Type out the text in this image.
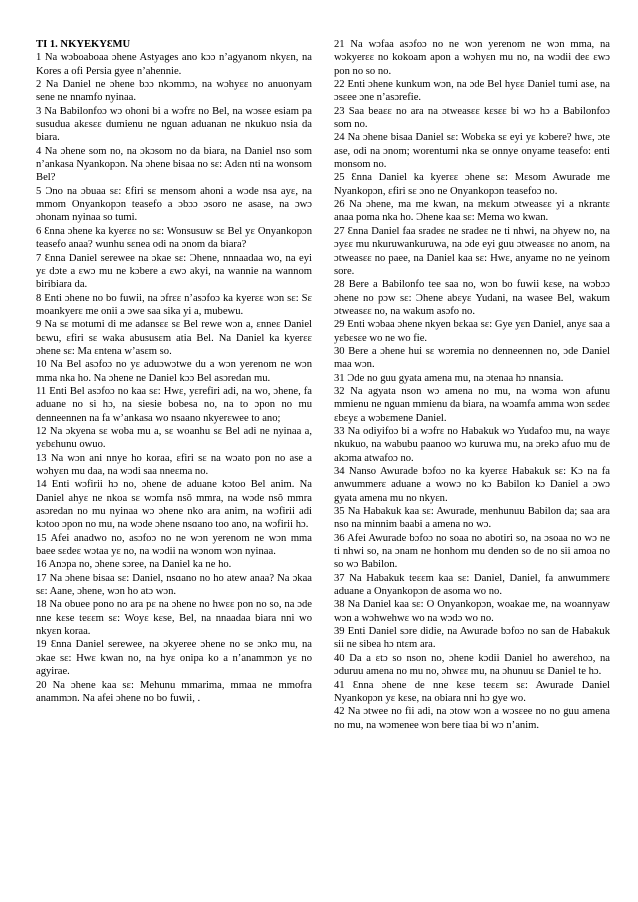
TI 1. NKYEKYƐMU

1 Na wɔboaboaa ɔhene Astyages ano kɔɔ n’agyanom nkyɛn, na Kores a ofi Persia gyee n’ahennie.

2 Na Daniel ne ɔhene bɔɔ nkɔmmɔ, na wɔhyɛɛ no anuonyam sene ne nnamfo nyinaa.

3 Na Babilonfoɔ wɔ ohoni bi a wɔfrɛ no Bel, na wɔsɛe esiam pa susudua akɛsɛɛ dumienu ne nguan aduanan ne nkukuo nsia da biara.

4 Na ɔhene som no, na ɔkɔsom no da biara, na Daniel nso som n’ankasa Nyankopɔn. Na ɔhene bisaa no sɛ: Adɛn nti na wonsom Bel?

5 Ɔno na ɔbuaa sɛ: Ɛfiri sɛ mensom ahoni a wɔde nsa ayɛ, na mmom Onyankopɔn teasefo a ɔbɔɔ ɔsoro ne asase, na ɔwɔ ɔhonam nyinaa so tumi.

6 Ɛnna ɔhene ka kyerɛɛ no sɛ: Wonsusuw sɛ Bel yɛ Onyankopɔn teasefo anaa? wunhu sɛnea odi na ɔnom da biara?

7 Ɛnna Daniel serewee na ɔkae sɛ: Ɔhene, nnnaadaa wo, na eyi yɛ dɔte a ɛwɔ mu ne kɔbere a ɛwɔ akyi, na wannie na wannom biribiara da.

8 Enti ɔhene no bo fuwii, na ɔfrɛɛ n’asɔfoɔ ka kyerɛɛ wɔn sɛ: Sɛ moankyerɛ me onii a ɔwe saa sika yi a, mubewu.

9 Na sɛ motumi di me adansɛɛ sɛ Bel rewe wɔn a, ɛnneɛ Daniel bɛwu, ɛfiri sɛ waka abususɛm atia Bel. Na Daniel ka kyerɛɛ ɔhene sɛ: Ma ɛntena w’asɛm so.

10 Na Bel asɔfoɔ no yɛ aduɔwɔtwe du a wɔn yerenom ne wɔn mma nka ho. Na ɔhene ne Daniel kɔɔ Bel asɔredan mu.

11 Enti Bel asɔfoɔ no kaa sɛ: Hwɛ, yɛrefiri adi, na wo, ɔhene, fa aduane no si hɔ, na siesie bobesa no, na to ɔpon no mu denneennen na fa w’ankasa wo nsaano nkyerɛwee to ano;

12 Na ɔkyena sɛ woba mu a, sɛ woanhu sɛ Bel adi ne nyinaa a, yɛbɛhunu owuo.

13 Na wɔn ani nnye ho koraa, ɛfiri sɛ na wɔato pon no ase a wɔhyɛn mu daa, na wɔdi saa nneɛma no.

14 Enti wɔfirii hɔ no, ɔhene de aduane kɔtoo Bel anim. Na Daniel ahyɛ ne nkoa sɛ wɔmfa nsõ mmra, na wɔde nsõ mmra asɔredan no mu nyinaa wɔ ɔhene nko ara anim, na wɔfirii adi kɔtoo ɔpon no mu, na wɔde ɔhene nsɑano too ano, na wɔfirii hɔ.

15 Afei anadwo no, asɔfoɔ no ne wɔn yerenom ne wɔn mma baee sɛdeɛ wɔtaa yɛ no, na wɔdii na wɔnom wɔn nyinaa.

16 Anɔpa no, ɔhene sɔree, na Daniel ka ne ho.

17 Na ɔhene bisaa sɛ: Daniel, nsɑano no ho atew anaa? Na ɔkaa sɛ: Aane, ɔhene, wɔn ho atɔ wɔn.

18 Na obuee pono no ara pɛ na ɔhene no hwɛɛ pon no so, na ɔde nne kɛse teɛɛm sɛ: Woyɛ kɛse, Bel, na nnaadaa biara nni wo nkyɛn koraa.

19 Ɛnna Daniel serewee, na ɔkyeree ɔhene no se ɔnkɔ mu, na ɔkae sɛ: Hwɛ kwan no, na hyɛ onipa ko a n’anammɔn yɛ no agyirae.

20 Na ɔhene kaa sɛ: Mehunu mmarima, mmaa ne mmofra anammɔn. Na afei ɔhene no bo fuwii, .

21 Na wɔfaa asɔfoɔ no ne wɔn yerenom ne wɔn mma, na wɔkyerɛɛ no kokoam apon a wɔhyɛn mu no, na wɔdii deɛ ɛwɔ pon no so no.

22 Enti ɔhene kunkum wɔn, na ɔde Bel hyɛɛ Daniel tumi ase, na ɔsɛee ɔne n’asɔrefie.

23 Saa beaɛɛ no ara na ɔtweasɛɛ kɛsɛɛ bi wɔ hɔ a Babilonfoɔ som no.

24 Na ɔhene bisaa Daniel sɛ: Wobɛka sɛ eyi yɛ kɔbere? hwɛ, ɔte ase, odi na ɔnom; worentumi nka se onnye onyame teasefo: enti monsom no.

25 Ɛnna Daniel ka kyerɛɛ ɔhene sɛ: Mɛsom Awurade me Nyankopɔn, ɛfiri sɛ ɔno ne Onyankopɔn teasefoɔ no.

26 Na ɔhene, ma me kwan, na mɛkum ɔtweasɛɛ yi a nkrantɛ anaa poma nka ho. Ɔhene kaa sɛ: Mema wo kwan.

27 Ɛnna Daniel faa sradeɛ ne sradeɛ ne ti nhwi, na ɔhyew no, na ɔyɛɛ mu nkuruwankuruwa, na ɔde eyi guu ɔtweasɛɛ no anom, na ɔtweasɛɛ no paee, na Daniel kaa sɛ: Hwɛ, anyame no ne yeinom sore.

28 Bere a Babilonfo tee saa no, wɔn bo fuwii kɛse, na wɔbɔɔ ɔhene no pɔw sɛ: Ɔhene abɛyɛ Yudani, na wasee Bel, wakum ɔtweasɛɛ no, na wakum asɔfo no.

29 Enti wɔbaa ɔhene nkyen bɛkaa sɛ: Gye yɛn Daniel, anyɛ saa a yɛbɛsɛe wo ne wo fie.

30 Bere a ɔhene hui sɛ wɔremia no denneennen no, ɔde Daniel maa wɔn.

31 Ɔde no guu gyata amena mu, na ɔtenaa hɔ nnansia.

32 Na agyata nson wɔ amena no mu, na wɔma wɔn afunu mmienu ne nguan mmienu da biara, na wɔamfa amma wɔn sɛdeɛ ɛbɛyɛ a wɔbɛmene Daniel.

33 Na odiyifoɔ bi a wɔfrɛ no Habakuk wɔ Yudafoɔ mu, na wayɛ nkukuo, na wabubu paanoo wɔ kuruwa mu, na ɔrekɔ afuo mu de akɔma atwafoɔ no.

34 Nanso Awurade bɔfoɔ no ka kyerɛɛ Habakuk sɛ: Kɔ na fa anwummerɛ aduane a wowɔ no kɔ Babilon kɔ Daniel a ɔwɔ gyata amena mu no nkyɛn.

35 Na Habakuk kaa sɛ: Awurade, menhunuu Babilon da; saa ara nso na minnim baabi a amena no wɔ.

36 Afei Awurade bɔfoɔ no soaa no abotiri so, na ɔsoaa no wɔ ne ti nhwi so, na ɔnam ne honhom mu denden so de no sii amoa no so wɔ Babilon.

37 Na Habakuk teɛɛm kaa sɛ: Daniel, Daniel, fa anwummerɛ aduane a Onyankopɔn de asoma wo no.

38 Na Daniel kaa sɛ: O Onyankopɔn, woakae me, na woannyaw wɔn a wɔhwehwɛ wo na wɔdɔ wo no.

39 Enti Daniel sɔre didie, na Awurade bɔfoɔ no san de Habakuk sii ne sibea hɔ ntɛm ara.

40 Da a ɛtɔ so nson no, ɔhene kɔdii Daniel ho awerɛhoɔ, na ɔduruu amena no mu no, ɔhwɛɛ mu, na ɔhunuu sɛ Daniel te hɔ.

41 Ɛnna ɔhene de nne kɛse teɛɛm sɛ: Awurade Daniel Nyankopɔn yɛ kɛse, na obiara nni hɔ gye wo.

42 Na ɔtwee no fii adi, na ɔtow wɔn a wɔsɛee no no guu amena no mu, na wɔmenee wɔn bere tiaa bi wɔ n’anim.
